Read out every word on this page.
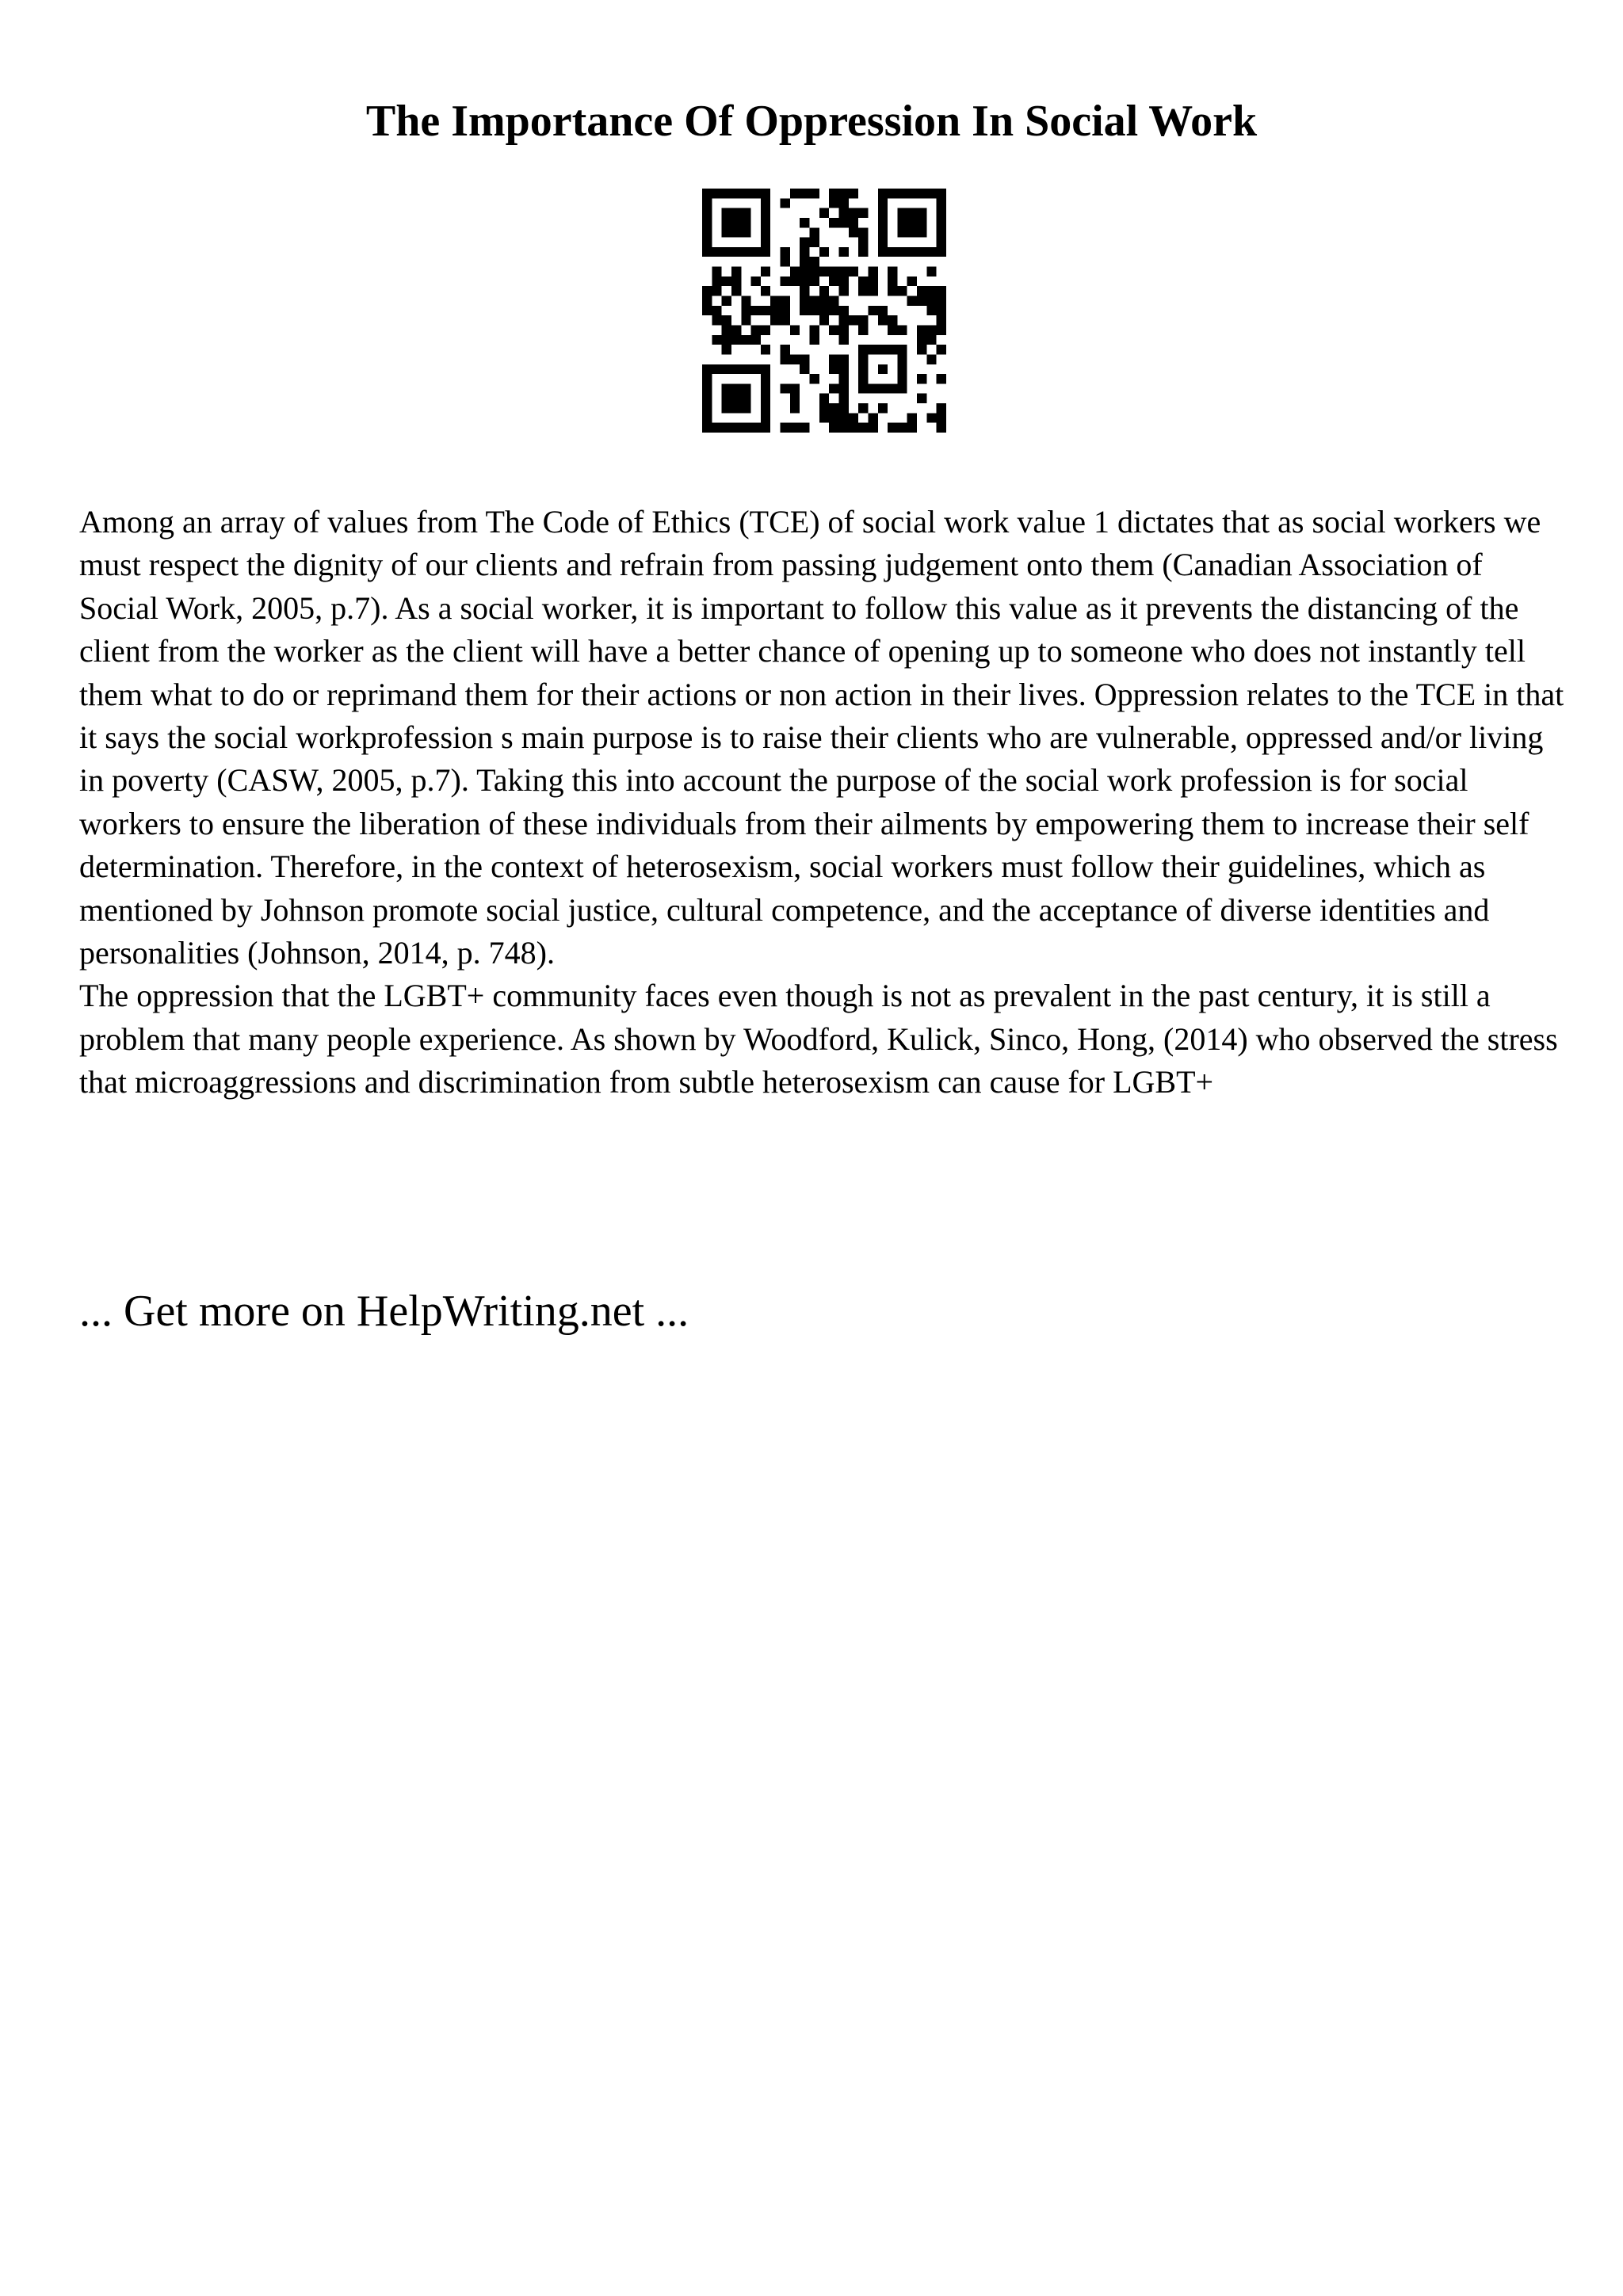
The Importance Of Oppression In Social Work

Among an array of values from The Code of Ethics (TCE) of social work value 1 dictates that as social workers we must respect the dignity of our clients and refrain from passing judgement onto them (Canadian Association of Social Work, 2005, p.7). As a social worker, it is important to follow this value as it prevents the distancing of the client from the worker as the client will have a better chance of opening up to someone who does not instantly tell them what to do or reprimand them for their actions or non action in their lives. Oppression relates to the TCE in that it says the social workprofession s main purpose is to raise their clients who are vulnerable, oppressed and/or living in poverty (CASW, 2005, p.7). Taking this into account the purpose of the social work profession is for social workers to ensure the liberation of these individuals from their ailments by empowering them to increase their self determination. Therefore, in the context of heterosexism, social workers must follow their guidelines, which as mentioned by Johnson promote social justice, cultural competence, and the acceptance of diverse identities and personalities (Johnson, 2014, p. 748).

The oppression that the LGBT+ community faces even though is not as prevalent in the past century, it is still a problem that many people experience. As shown by Woodford, Kulick, Sinco, Hong, (2014) who observed the stress that microaggressions and discrimination from subtle heterosexism can cause for LGBT+

... Get more on HelpWriting.net ...
